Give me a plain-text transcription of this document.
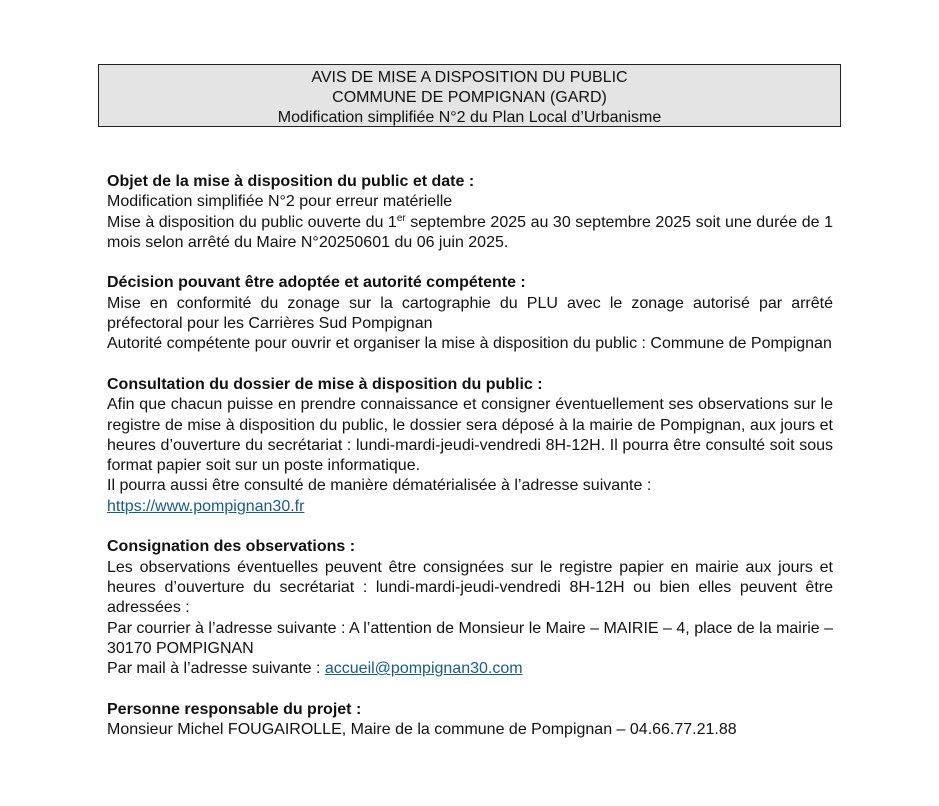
AVIS DE MISE A DISPOSITION DU PUBLIC
COMMUNE DE POMPIGNAN (GARD)
Modification simplifiée N°2 du Plan Local d’Urbanisme
Objet de la mise à disposition du public et date :
Modification simplifiée N°2 pour erreur matérielle
Mise à disposition du public ouverte du 1er septembre 2025 au 30 septembre 2025 soit une durée de 1 mois selon arrêté du Maire N°20250601 du 06 juin 2025.
Décision pouvant être adoptée et autorité compétente :
Mise en conformité du zonage sur la cartographie du PLU avec le zonage autorisé par arrêté préfectoral pour les Carrières Sud Pompignan
Autorité compétente pour ouvrir et organiser la mise à disposition du public : Commune de Pompignan
Consultation du dossier de mise à disposition du public :
Afin que chacun puisse en prendre connaissance et consigner éventuellement ses observations sur le registre de mise à disposition du public, le dossier sera déposé à la mairie de Pompignan, aux jours et heures d’ouverture du secrétariat : lundi-mardi-jeudi-vendredi 8H-12H. Il pourra être consulté soit sous format papier soit sur un poste informatique.
Il pourra aussi être consulté de manière dématérialisée à l’adresse suivante :
https://www.pompignan30.fr
Consignation des observations :
Les observations éventuelles peuvent être consignées sur le registre papier en mairie aux jours et heures d’ouverture du secrétariat : lundi-mardi-jeudi-vendredi 8H-12H ou bien elles peuvent être adressées :
Par courrier à l’adresse suivante : A l’attention de Monsieur le Maire – MAIRIE – 4, place de la mairie – 30170 POMPIGNAN
Par mail à l’adresse suivante : accueil@pompignan30.com
Personne responsable du projet :
Monsieur Michel FOUGAIROLLE, Maire de la commune de Pompignan – 04.66.77.21.88
